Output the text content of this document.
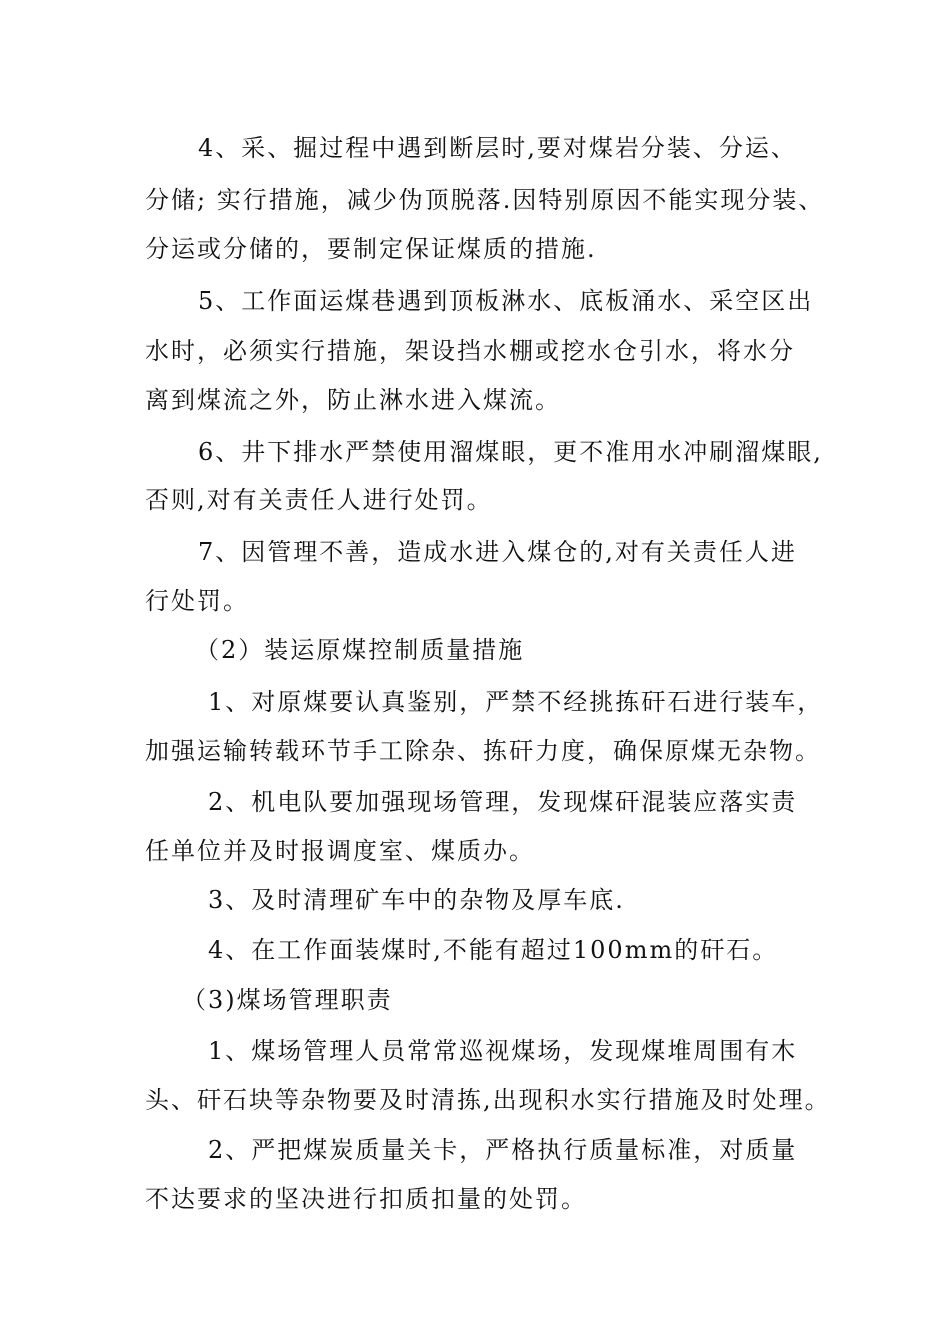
4、采、掘过程中遇到断层时,要对煤岩分装、分运、
分储; 实行措施，减少伪顶脱落.因特别原因不能实现分装、
分运或分储的，要制定保证煤质的措施.
5、工作面运煤巷遇到顶板淋水、底板涌水、采空区出
水时，必须实行措施，架设挡水棚或挖水仓引水，将水分
离到煤流之外，防止淋水进入煤流。
6、井下排水严禁使用溜煤眼，更不准用水冲刷溜煤眼,
否则,对有关责任人进行处罚。
7、因管理不善，造成水进入煤仓的,对有关责任人进
行处罚。
（2）装运原煤控制质量措施
1、对原煤要认真鉴别，严禁不经挑拣矸石进行装车，
加强运输转载环节手工除杂、拣矸力度，确保原煤无杂物。
2、机电队要加强现场管理，发现煤矸混装应落实责
任单位并及时报调度室、煤质办。
3、及时清理矿车中的杂物及厚车底.
4、在工作面装煤时,不能有超过100mm的矸石。
（3)煤场管理职责
1、煤场管理人员常常巡视煤场，发现煤堆周围有木
头、矸石块等杂物要及时清拣,出现积水实行措施及时处理。
2、严把煤炭质量关卡，严格执行质量标准，对质量
不达要求的坚决进行扣质扣量的处罚。
